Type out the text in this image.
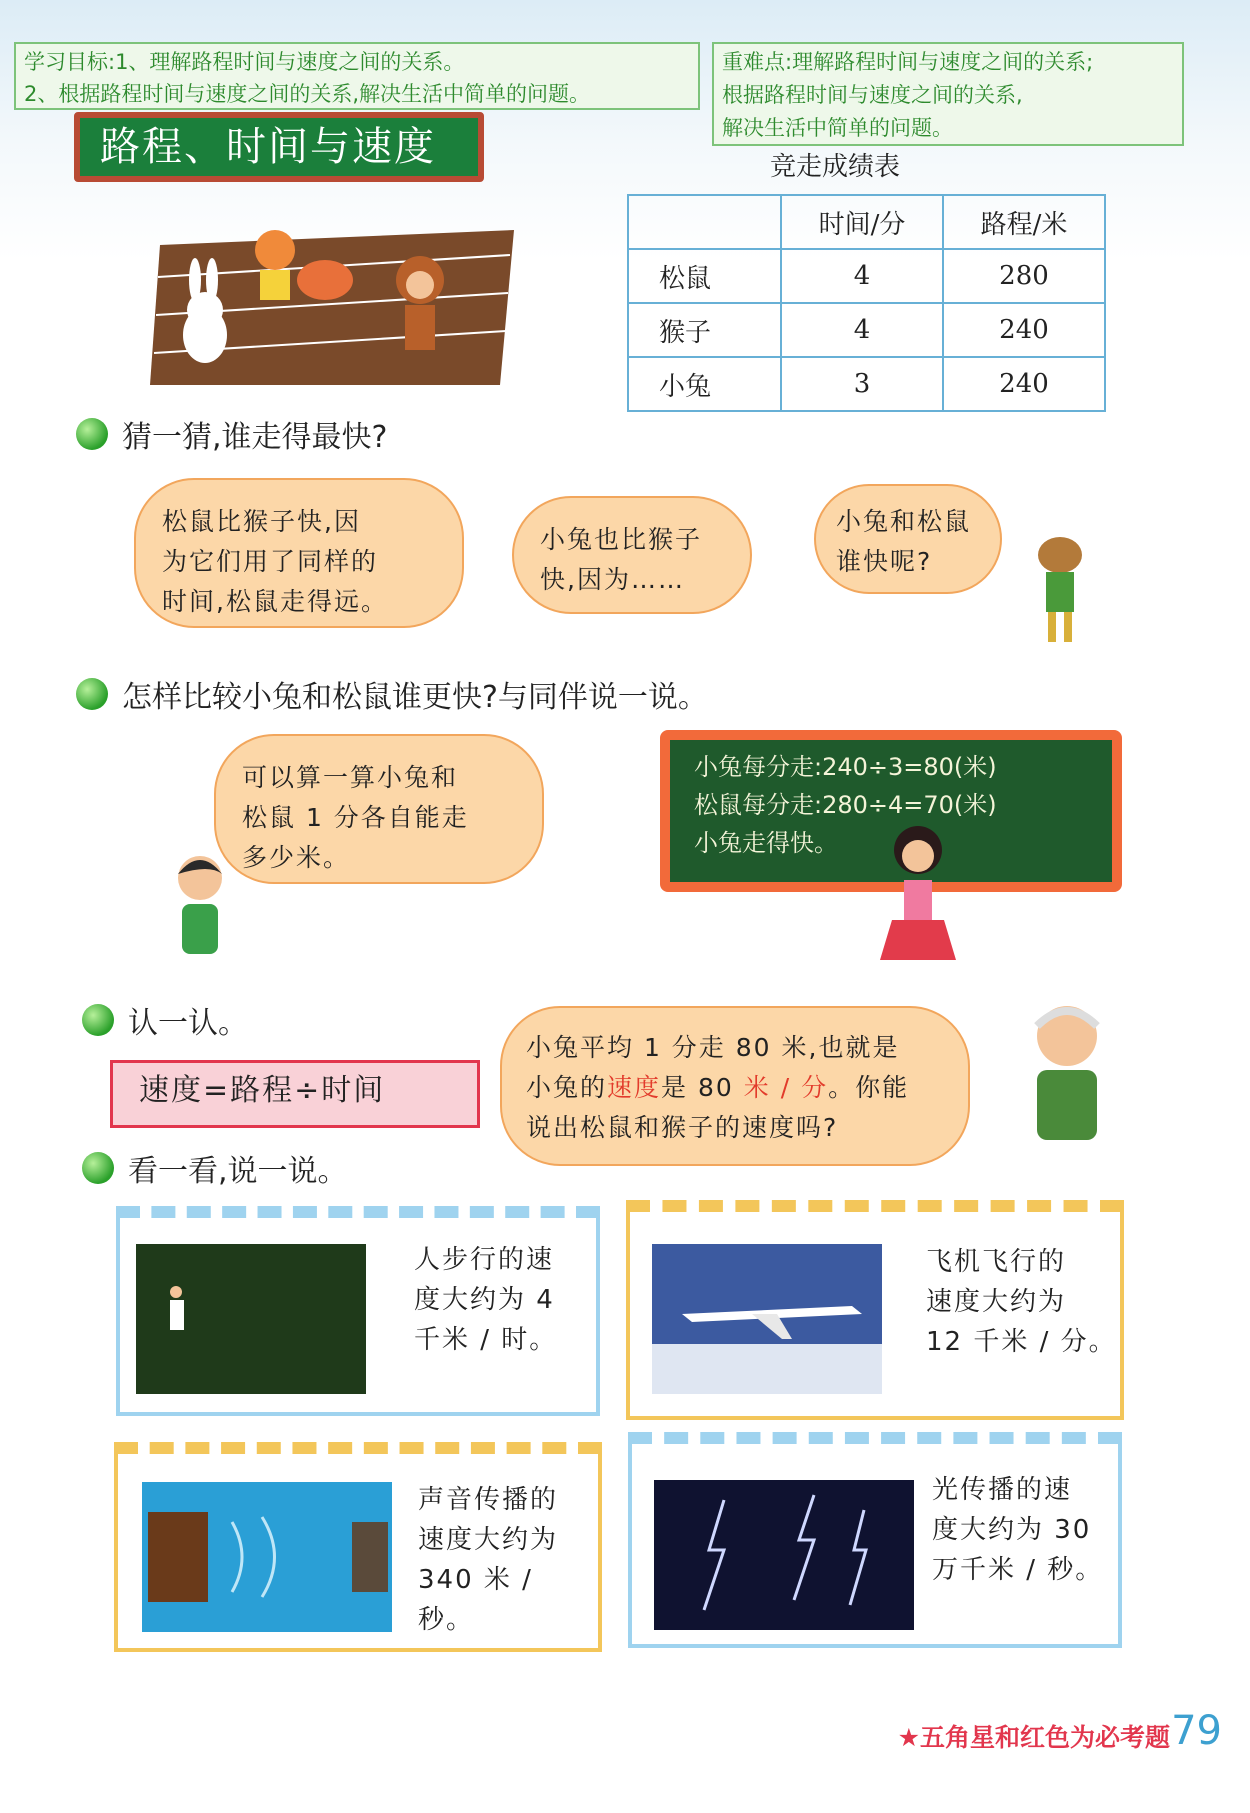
学习目标:1、理解路程时间与速度之间的关系。
2、根据路程时间与速度之间的关系,解决生活中简单的问题。
重难点:理解路程时间与速度之间的关系;
根据路程时间与速度之间的关系,
解决生活中简单的问题。
路程、时间与速度	竞走成绩表
	时间/分	路程/米
松鼠	4	280
猴子	4	240
小兔	3	240
猜一猜,谁走得最快?
松鼠比猴子快,因
为它们用了同样的
时间,松鼠走得远。
小兔也比猴子
快,因为……
小兔和松鼠
谁快呢?
怎样比较小兔和松鼠谁更快?与同伴说一说。
可以算一算小兔和
松鼠 1 分各自能走
多少米。
小兔每分走:240÷3=80(米)
松鼠每分走:280÷4=70(米)
小兔走得快。
认一认。
速度=路程÷时间
小兔平均 1 分走 80 米,也就是
小兔的速度是 80 米 / 分。你能
说出松鼠和猴子的速度吗?
看一看,说一说。
人步行的速
度大约为 4
千米 / 时。
飞机飞行的
速度大约为
12 千米 / 分。
声音传播的
速度大约为
340 米 / 秒。
光传播的速
度大约为 30
万千米 / 秒。
★五角星和红色为必考题 79
